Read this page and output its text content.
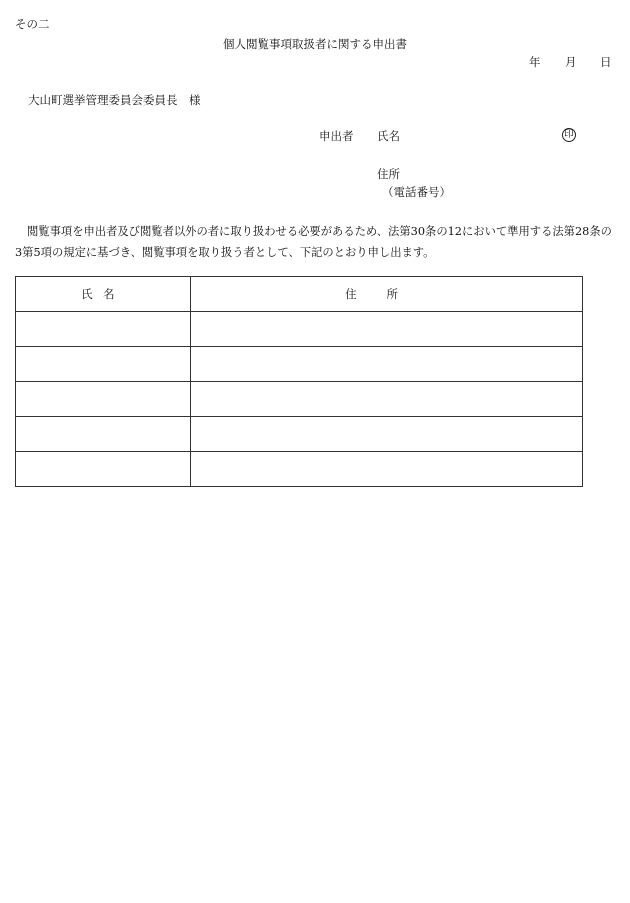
その二
個人閲覧事項取扱者に関する申出書
年 月 日
大山町選挙管理委員会委員長　様
申出者 氏名	印
住所
（電話番号）
閲覧事項を申出者及び閲覧者以外の者に取り扱わせる必要があるため、法第30条の12において準用する法第28条の3第5項の規定に基づき、閲覧事項を取り扱う者として、下記のとおり申し出ます。
氏名	住所
